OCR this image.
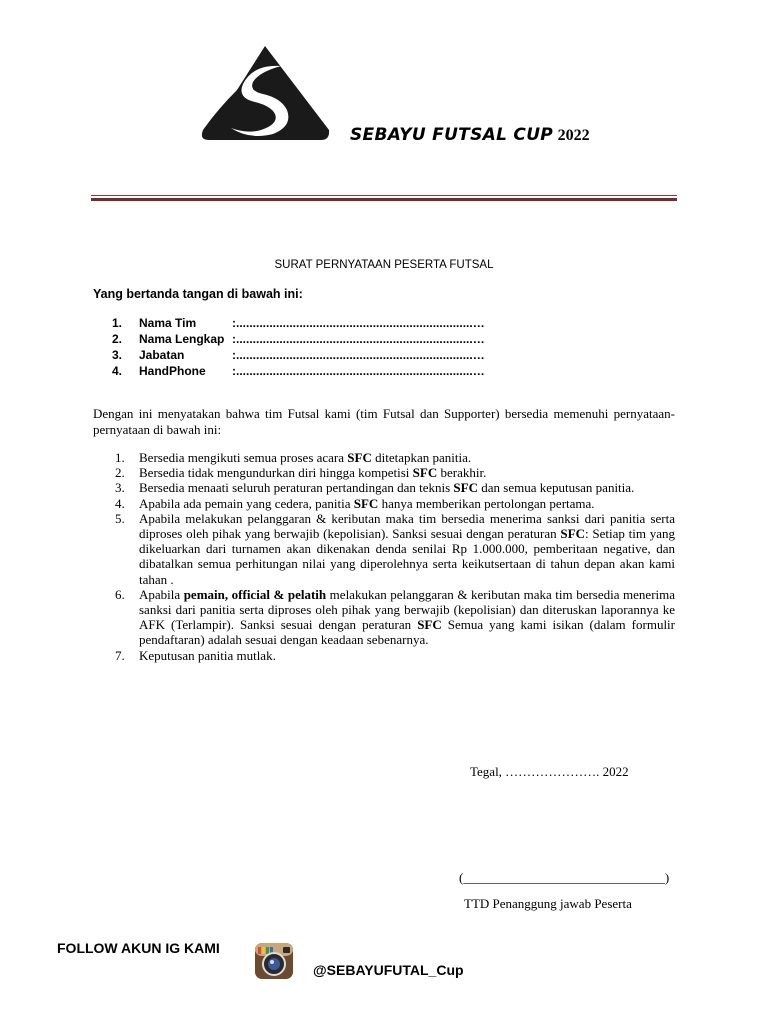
SEBAYU FUTSAL CUP 2022
SURAT PERNYATAAN PESERTA FUTSAL
Yang bertanda tangan di bawah ini:
1. Nama Tim	:.......................................................................…
2. Nama Lengkap :.......................................................................…
3. Jabatan	:.......................................................................…
4. HandPhone :.......................................................................…
Dengan ini menyatakan bahwa tim Futsal kami (tim Futsal dan Supporter) bersedia memenuhi pernyataan-pernyataan di bawah ini:
1.	Bersedia mengikuti semua proses acara SFC ditetapkan panitia.
2.	Bersedia tidak mengundurkan diri hingga kompetisi SFC berakhir.
3.	Bersedia menaati seluruh peraturan pertandingan dan teknis SFC dan semua keputusan panitia.
4.	Apabila ada pemain yang cedera, panitia SFC hanya memberikan pertolongan pertama.
5.	Apabila melakukan pelanggaran & keributan maka tim bersedia menerima sanksi dari panitia serta diproses oleh pihak yang berwajib (kepolisian). Sanksi sesuai dengan peraturan SFC: Setiap tim yang dikeluarkan dari turnamen akan dikenakan denda senilai Rp 1.000.000, pemberitaan negative, dan dibatalkan semua perhitungan nilai yang diperolehnya serta keikutsertaan di tahun depan akan kami tahan .
6.	Apabila pemain, official & pelatih melakukan pelanggaran & keributan maka tim bersedia menerima sanksi dari panitia serta diproses oleh pihak yang berwajib (kepolisian) dan diteruskan laporannya ke AFK (Terlampir). Sanksi sesuai dengan peraturan SFC Semua yang kami isikan (dalam formulir pendaftaran) adalah sesuai dengan keadaan sebenarnya.
7.	Keputusan panitia mutlak.
Tegal, …………………. 2022
(_______________________________)
TTD Penanggung jawab Peserta
FOLLOW AKUN IG KAMI
@SEBAYUFUTAL_Cup
